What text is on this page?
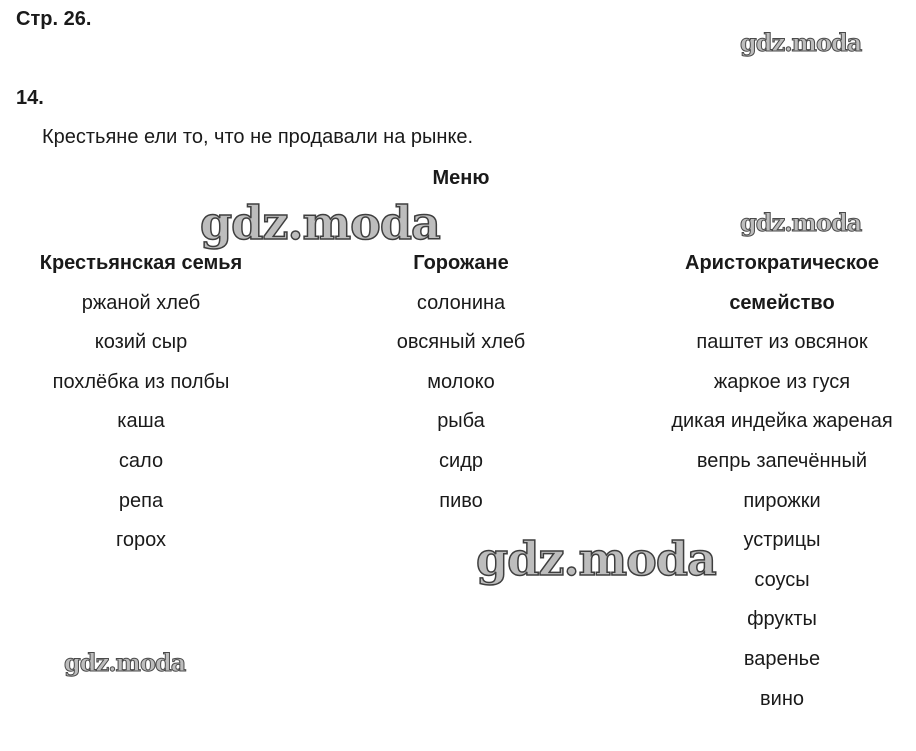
Стр. 26.
14.
Крестьяне ели то, что не продавали на рынке.
Меню
Крестьянская семья
ржаной хлеб
козий сыр
похлёбка из полбы
каша
сало
репа
горох
Горожане
солонина
овсяный хлеб
молоко
рыба
сидр
пиво
Аристократическое
семейство
паштет из овсянок
жаркое из гуся
дикая индейка жареная
вепрь запечённый
пирожки
устрицы
соусы
фрукты
варенье
вино
gdz.moda
gdz.moda	gdz.moda
gdz.moda
gdz.moda
